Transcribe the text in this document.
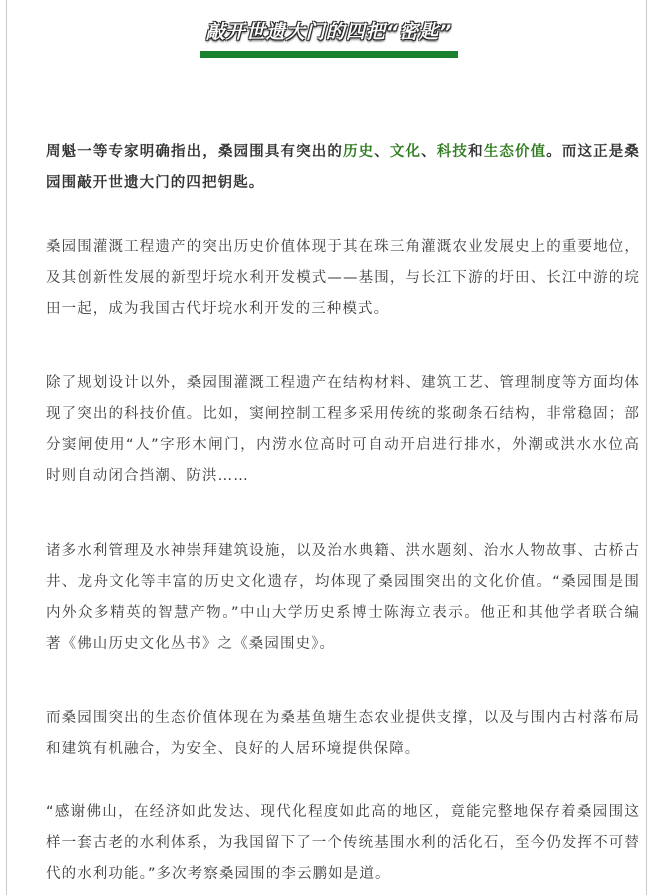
敲开世遗大门的四把“密匙”

周魁一等专家明确指出，桑园围具有突出的历史、文化、科技和生态价值。而这正是桑园围敲开世遗大门的四把钥匙。

桑园围灌溉工程遗产的突出历史价值体现于其在珠三角灌溉农业发展史上的重要地位，及其创新性发展的新型圩垸水利开发模式——基围，与长江下游的圩田、长江中游的垸田一起，成为我国古代圩垸水利开发的三种模式。

除了规划设计以外，桑园围灌溉工程遗产在结构材料、建筑工艺、管理制度等方面均体现了突出的科技价值。比如，窦闸控制工程多采用传统的浆砌条石结构，非常稳固；部分窦闸使用“人”字形木闸门，内涝水位高时可自动开启进行排水，外潮或洪水水位高时则自动闭合挡潮、防洪……

诸多水利管理及水神崇拜建筑设施，以及治水典籍、洪水题刻、治水人物故事、古桥古井、龙舟文化等丰富的历史文化遗存，均体现了桑园围突出的文化价值。“桑园围是围内外众多精英的智慧产物。”中山大学历史系博士陈海立表示。他正和其他学者联合编著《佛山历史文化丛书》之《桑园围史》。

而桑园围突出的生态价值体现在为桑基鱼塘生态农业提供支撑，以及与围内古村落布局和建筑有机融合，为安全、良好的人居环境提供保障。

“感谢佛山，在经济如此发达、现代化程度如此高的地区，竟能完整地保存着桑园围这样一套古老的水利体系，为我国留下了一个传统基围水利的活化石，至今仍发挥不可替代的水利功能。”多次考察桑园围的李云鹏如是道。
